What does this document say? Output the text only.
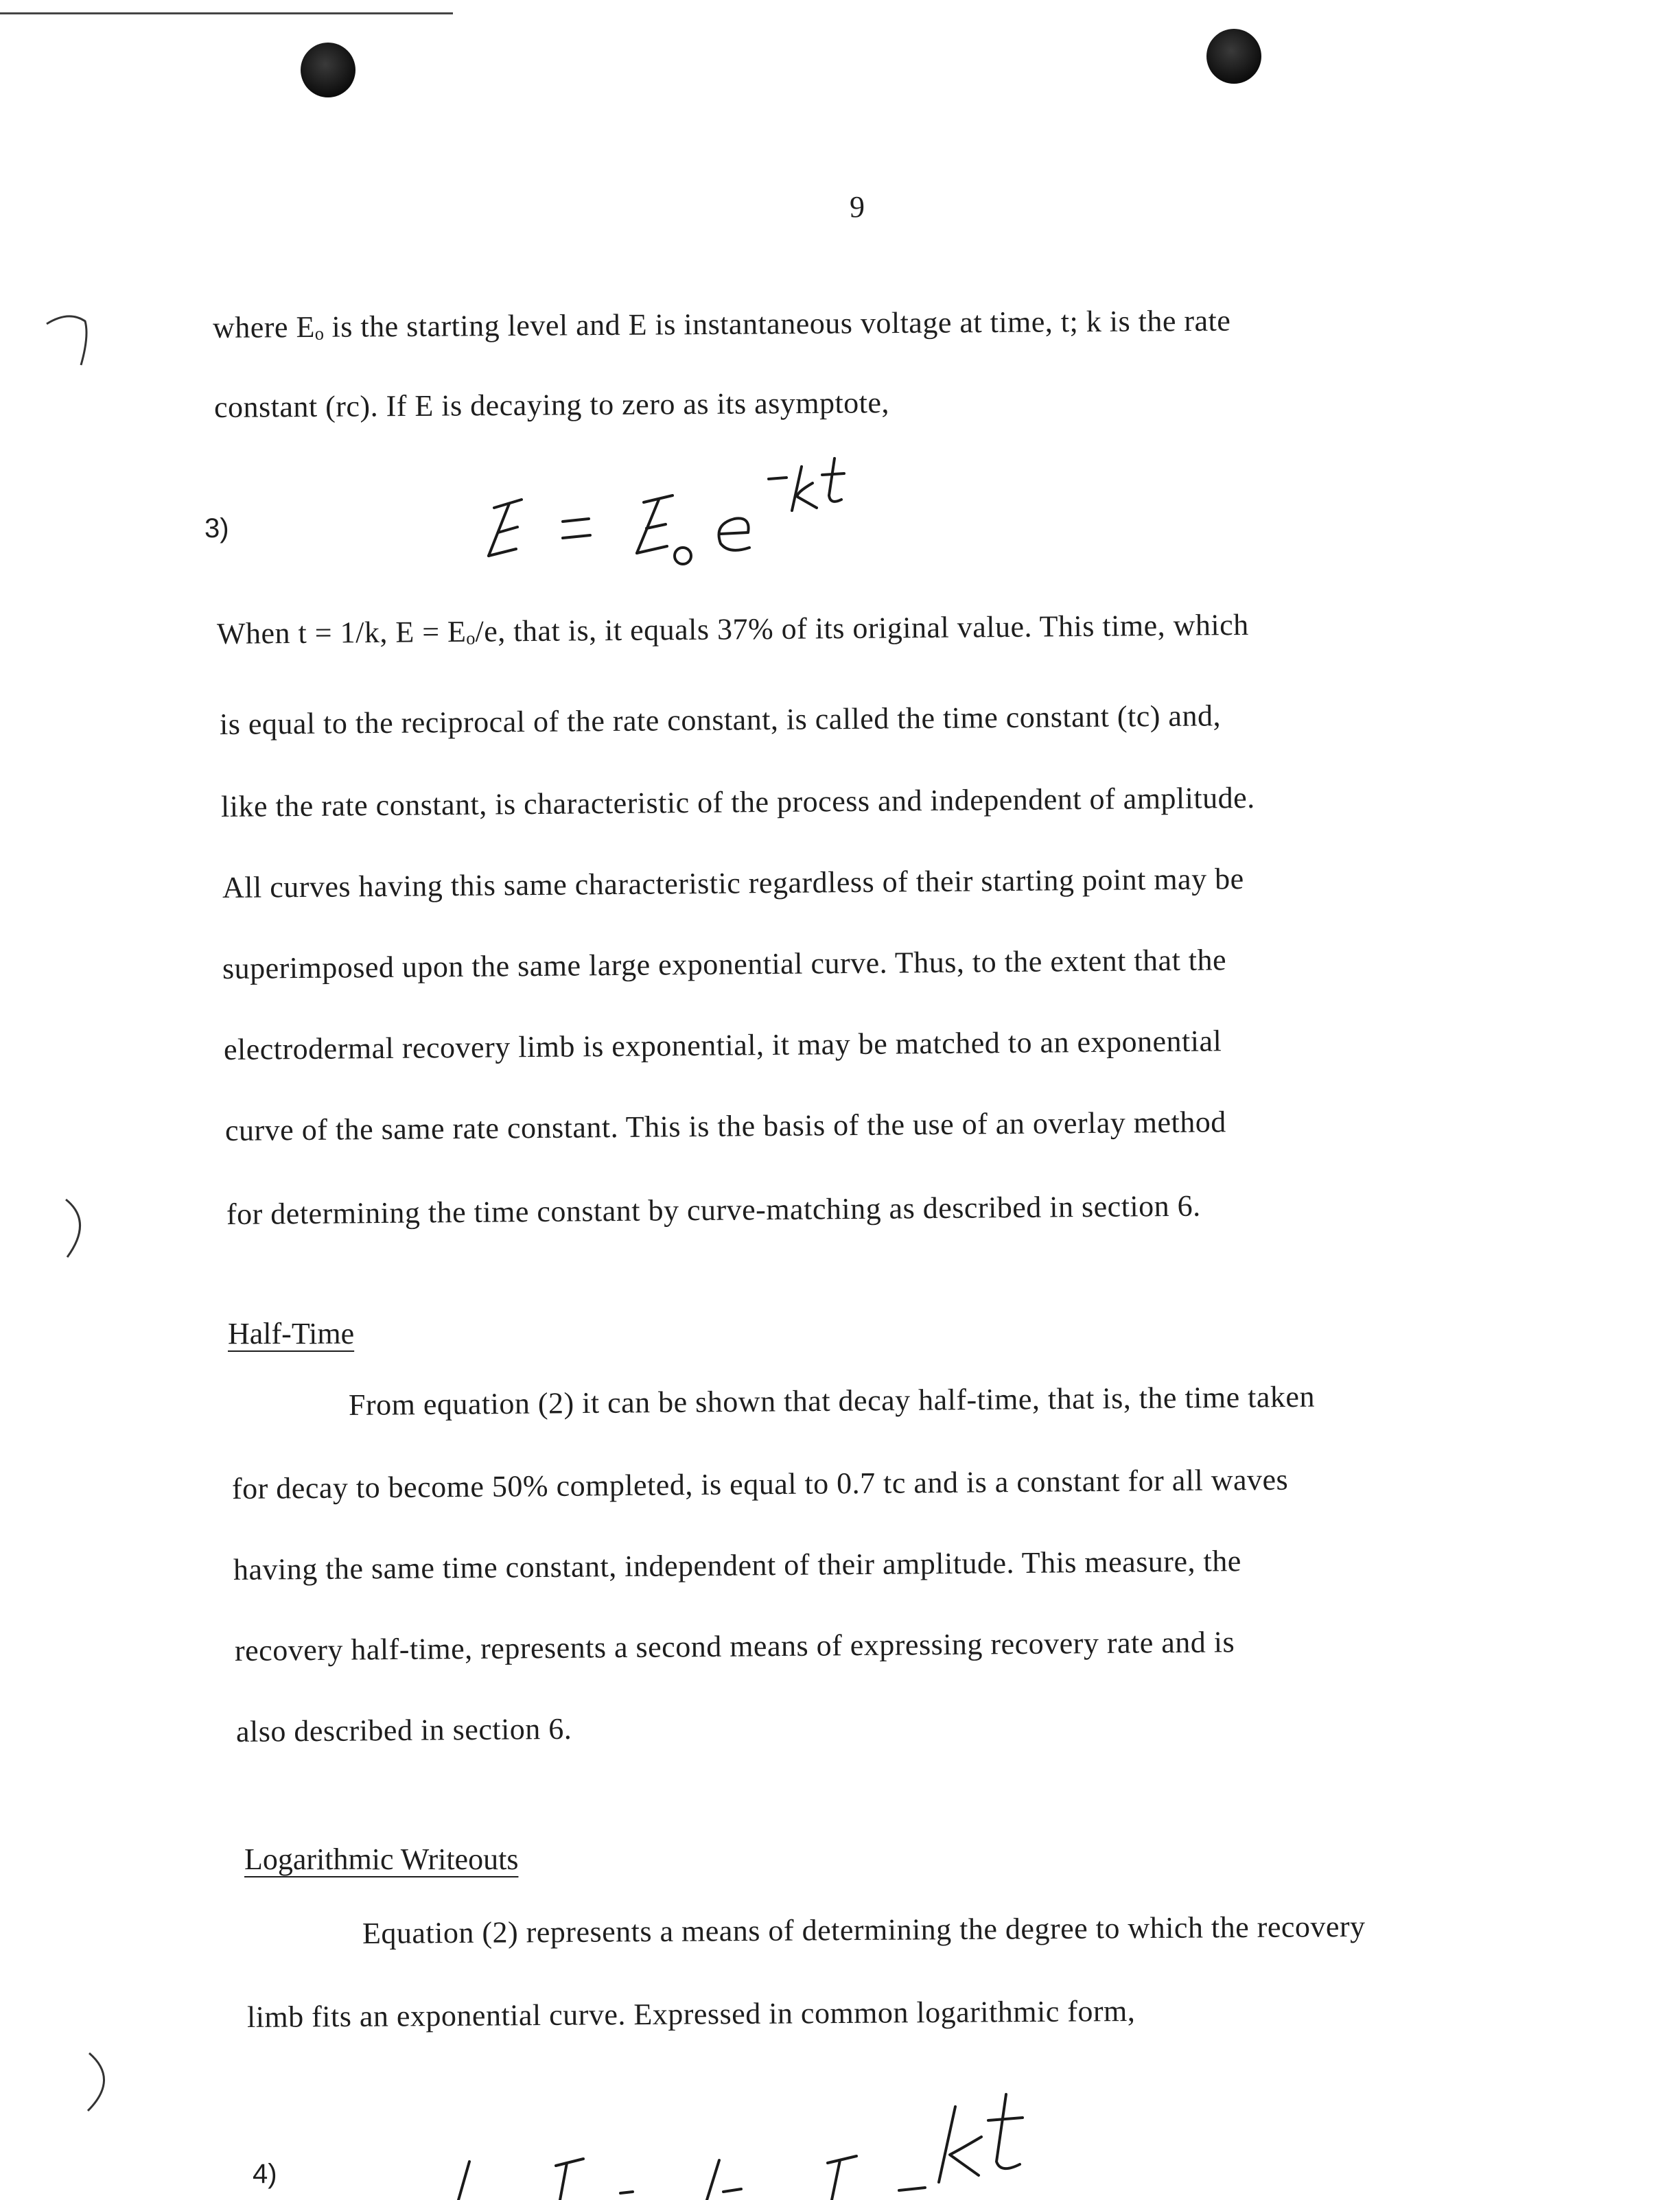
9
where Eₒ is the starting level and E is instantaneous voltage at time, t; k is the rate
constant (rc). If E is decaying to zero as its asymptote,
3)
When t = 1/k, E = Eₒ/e, that is, it equals 37% of its original value. This time, which
is equal to the reciprocal of the rate constant, is called the time constant (tc) and,
like the rate constant, is characteristic of the process and independent of amplitude.
All curves having this same characteristic regardless of their starting point may be
superimposed upon the same large exponential curve. Thus, to the extent that the
electrodermal recovery limb is exponential, it may be matched to an exponential
curve of the same rate constant. This is the basis of the use of an overlay method
for determining the time constant by curve-matching as described in section 6.
Half-Time
From equation (2) it can be shown that decay half-time, that is, the time taken
for decay to become 50% completed, is equal to 0.7 tc and is a constant for all waves
having the same time constant, independent of their amplitude. This measure, the
recovery half-time, represents a second means of expressing recovery rate and is
also described in section 6.
Logarithmic Writeouts
Equation (2) represents a means of determining the degree to which the recovery
limb fits an exponential curve. Expressed in common logarithmic form,
4)
